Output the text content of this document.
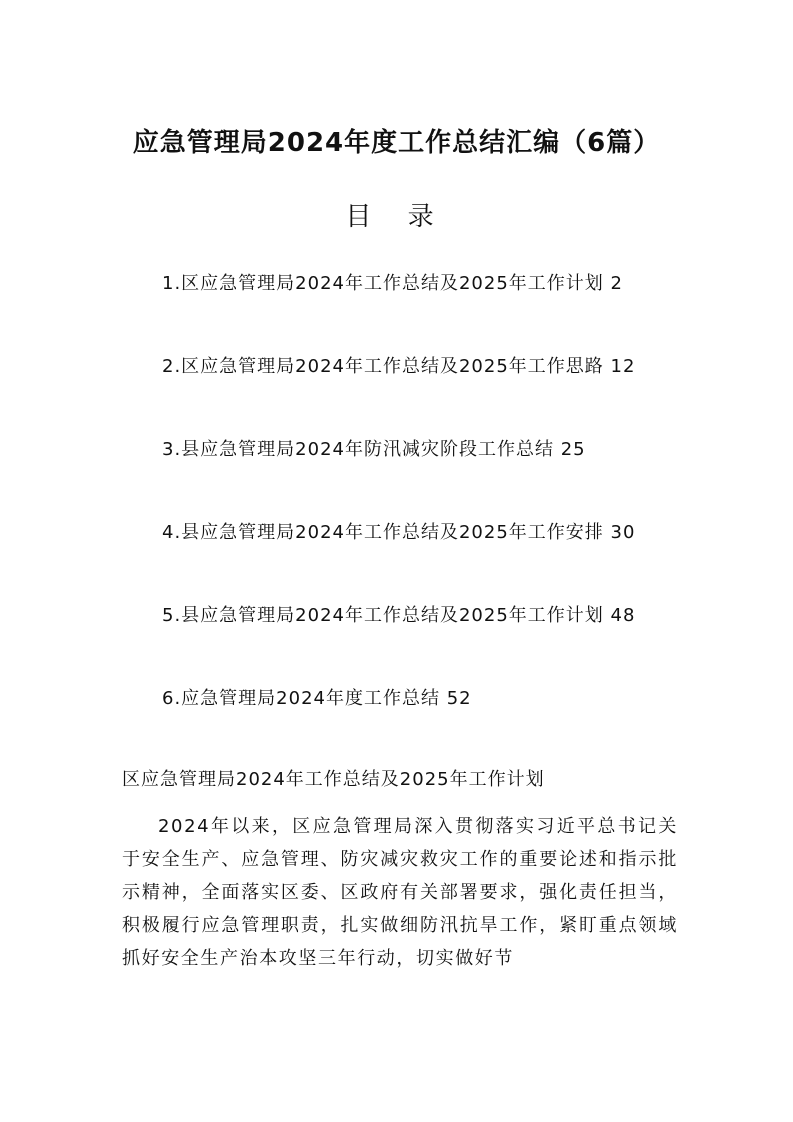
应急管理局2024年度工作总结汇编（6篇）
目 录
1.区应急管理局2024年工作总结及2025年工作计划 2
2.区应急管理局2024年工作总结及2025年工作思路 12
3.县应急管理局2024年防汛减灾阶段工作总结 25
4.县应急管理局2024年工作总结及2025年工作安排 30
5.县应急管理局2024年工作总结及2025年工作计划 48
6.应急管理局2024年度工作总结 52
区应急管理局2024年工作总结及2025年工作计划

2024年以来，区应急管理局深入贯彻落实习近平总书记关于安全生产、应急管理、防灾减灾救灾工作的重要论述和指示批示精神，全面落实区委、区政府有关部署要求，强化责任担当，积极履行应急管理职责，扎实做细防汛抗旱工作，紧盯重点领域抓好安全生产治本攻坚三年行动，切实做好节
